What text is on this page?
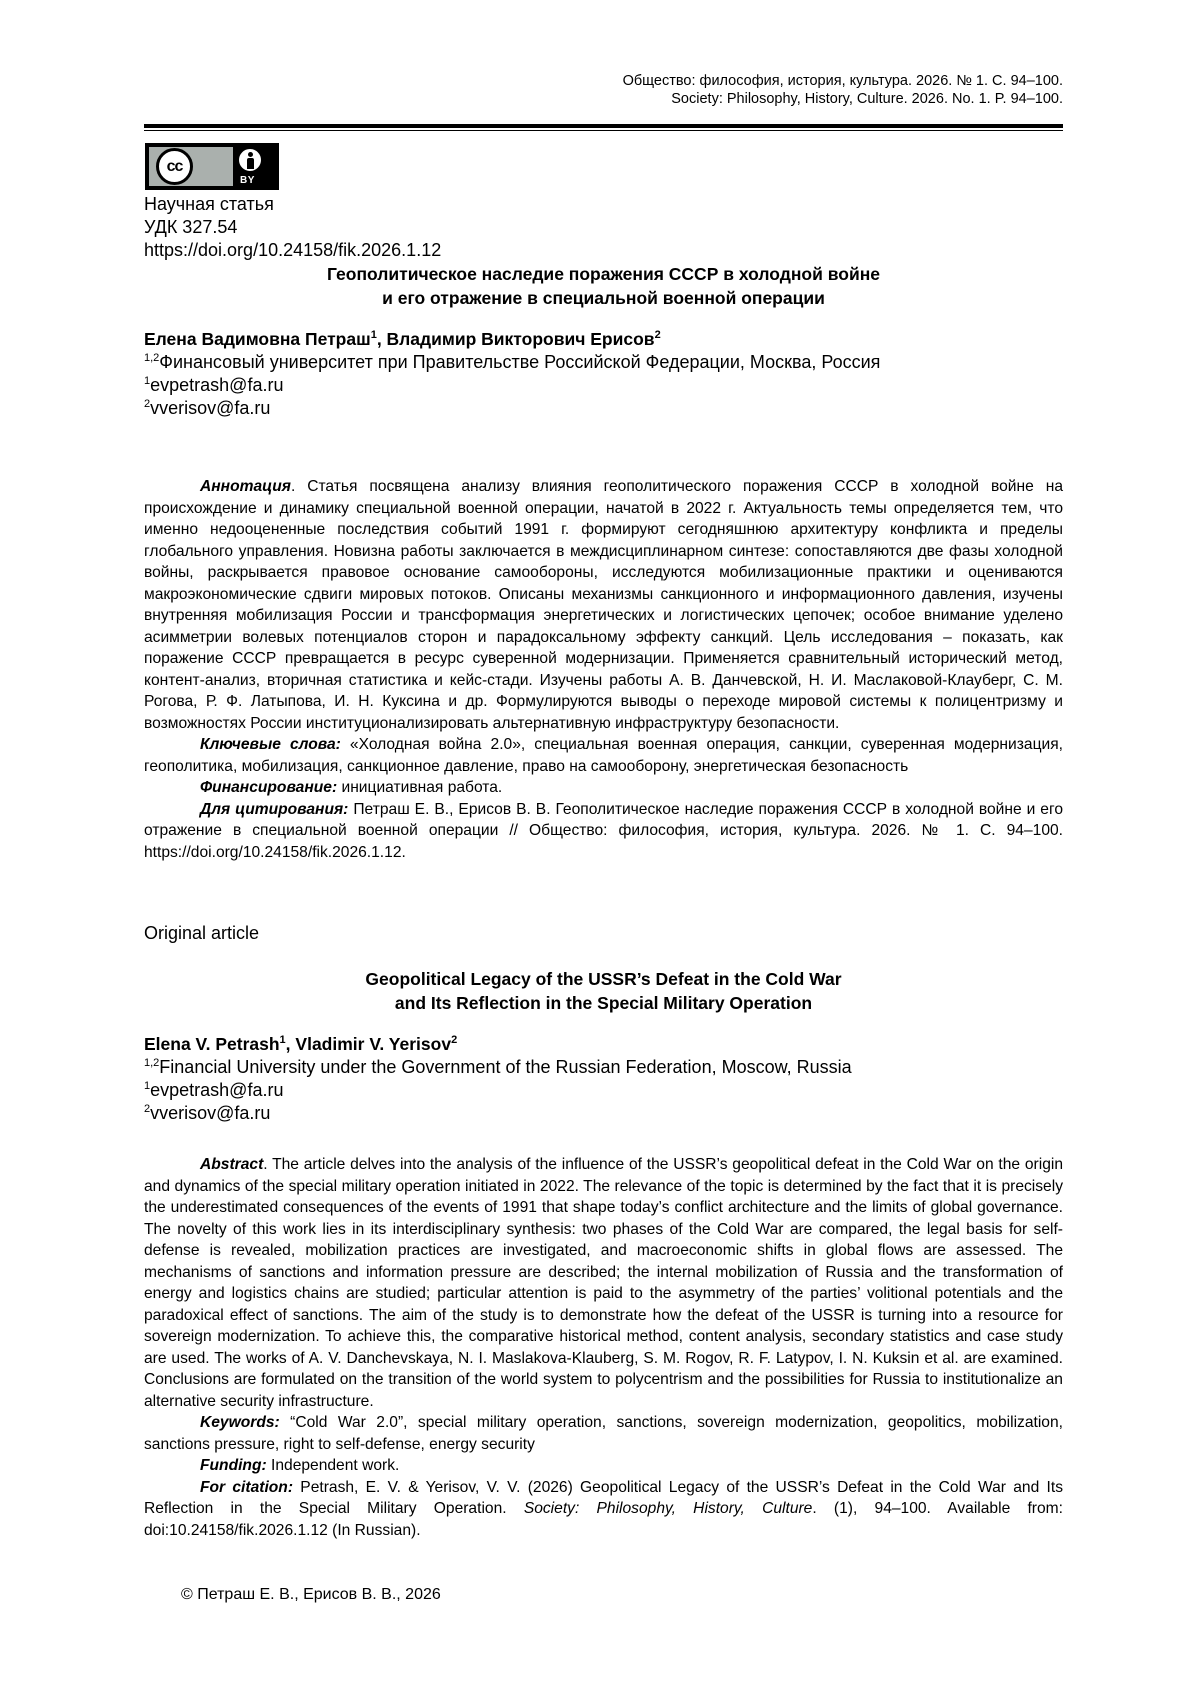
Общество: философия, история, культура. 2026. № 1. С. 94–100.
Society: Philosophy, History, Culture. 2026. No. 1. P. 94–100.
cc
BY
Научная статья
УДК 327.54
https://doi.org/10.24158/fik.2026.1.12
Геополитическое наследие поражения СССР в холодной войне
и его отражение в специальной военной операции
Елена Вадимовна Петраш$^1$, Владимир Викторович Ерисов$^2$
$^{1,2}$Финансовый университет при Правительстве Российской Федерации, Москва, Россия
$^1$evpetrash@fa.ru
$^2$vverisov@fa.ru

Аннотация. Статья посвящена анализу влияния геополитического поражения СССР в холодной войне на происхождение и динамику специальной военной операции, начатой в 2022 г. Актуальность темы определяется тем, что именно недооцененные последствия событий 1991 г. формируют сегодняшнюю архитектуру конфликта и пределы глобального управления. Новизна работы заключается в междисциплинарном синтезе: сопоставляются две фазы холодной войны, раскрывается правовое основание самообороны, исследуются мобилизационные практики и оцениваются макроэкономические сдвиги мировых потоков. Описаны механизмы санкционного и информационного давления, изучены внутренняя мобилизация России и трансформация энергетических и логистических цепочек; особое внимание уделено асимметрии волевых потенциалов сторон и парадоксальному эффекту санкций. Цель исследования – показать, как поражение СССР превращается в ресурс суверенной модернизации. Применяется сравнительный исторический метод, контент-анализ, вторичная статистика и кейс-стади. Изучены работы А. В. Данчевской, Н. И. Маслаковой-Клауберг, С. М. Рогова, Р. Ф. Латыпова, И. Н. Куксина и др. Формулируются выводы о переходе мировой системы к полицентризму и возможностях России институционализировать альтернативную инфраструктуру безопасности.

Ключевые слова: «Холодная война 2.0», специальная военная операция, санкции, суверенная модернизация, геополитика, мобилизация, санкционное давление, право на самооборону, энергетическая безопасность

Финансирование: инициативная работа.

Для цитирования: Петраш Е. В., Ерисов В. В. Геополитическое наследие поражения СССР в холодной войне и его отражение в специальной военной операции // Общество: философия, история, культура. 2026. № 1. С. 94–100. https://doi.org/10.24158/fik.2026.1.12.

Original article
Geopolitical Legacy of the USSR’s Defeat in the Cold War
and Its Reflection in the Special Military Operation
Elena V. Petrash$^1$, Vladimir V. Yerisov$^2$
$^{1,2}$Financial University under the Government of the Russian Federation, Moscow, Russia
$^1$evpetrash@fa.ru
$^2$vverisov@fa.ru

Abstract. The article delves into the analysis of the influence of the USSR’s geopolitical defeat in the Cold War on the origin and dynamics of the special military operation initiated in 2022. The relevance of the topic is determined by the fact that it is precisely the underestimated consequences of the events of 1991 that shape today’s conflict architecture and the limits of global governance. The novelty of this work lies in its interdisciplinary synthesis: two phases of the Cold War are compared, the legal basis for self-defense is revealed, mobilization practices are investigated, and macroeconomic shifts in global flows are assessed. The mechanisms of sanctions and information pressure are described; the internal mobilization of Russia and the transformation of energy and logistics chains are studied; particular attention is paid to the asymmetry of the parties’ volitional potentials and the paradoxical effect of sanctions. The aim of the study is to demonstrate how the defeat of the USSR is turning into a resource for sovereign modernization. To achieve this, the comparative historical method, content analysis, secondary statistics and case study are used. The works of A. V. Danchevskaya, N. I. Maslakova-Klauberg, S. M. Rogov, R. F. Latypov, I. N. Kuksin et al. are examined. Conclusions are formulated on the transition of the world system to polycentrism and the possibilities for Russia to institutionalize an alternative security infrastructure.

Keywords: “Cold War 2.0”, special military operation, sanctions, sovereign modernization, geopolitics, mobilization, sanctions pressure, right to self-defense, energy security

Funding: Independent work.

For citation: Petrash, E. V. & Yerisov, V. V. (2026) Geopolitical Legacy of the USSR’s Defeat in the Cold War and Its Reflection in the Special Military Operation. Society: Philosophy, History, Culture. (1), 94–100. Available from: doi:10.24158/fik.2026.1.12 (In Russian).

© Петраш Е. В., Ерисов В. В., 2026
